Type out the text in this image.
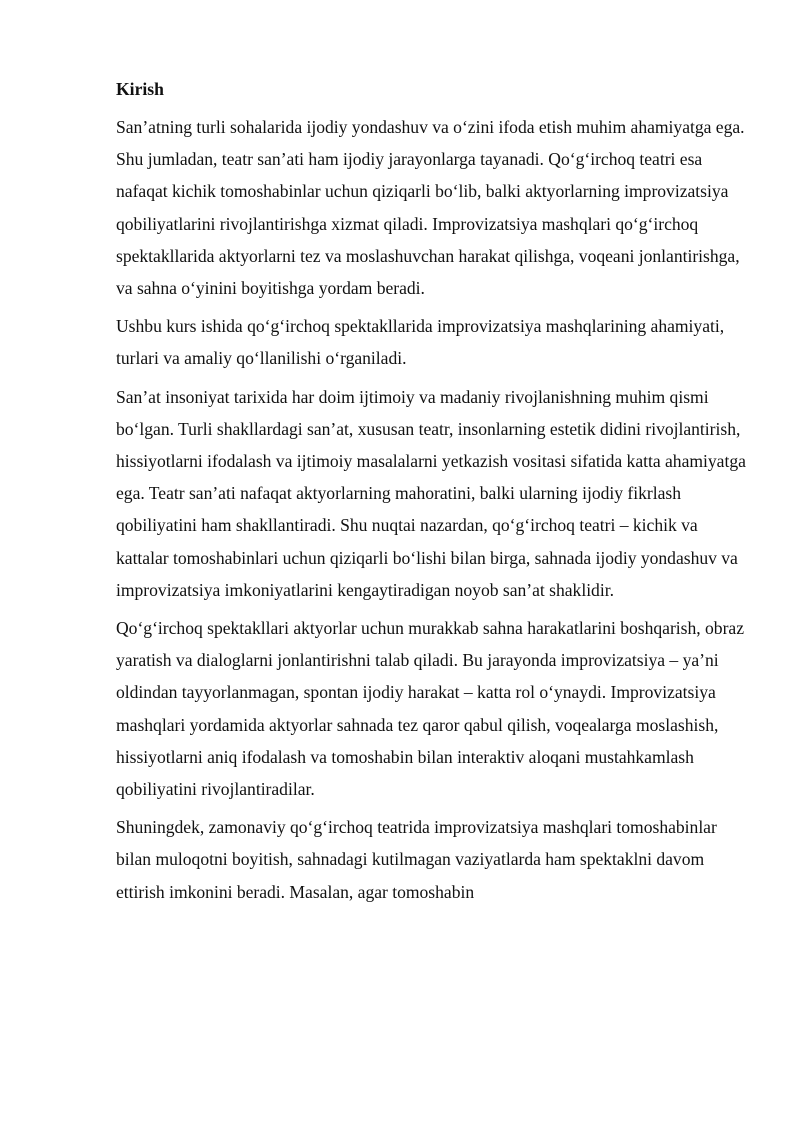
Kirish

San’atning turli sohalarida ijodiy yondashuv va o‘zini ifoda etish muhim ahamiyatga ega. Shu jumladan, teatr san’ati ham ijodiy jarayonlarga tayanadi. Qo‘g‘irchoq teatri esa nafaqat kichik tomoshabinlar uchun qiziqarli bo‘lib, balki aktyorlarning improvizatsiya qobiliyatlarini rivojlantirishga xizmat qiladi. Improvizatsiya mashqlari qo‘g‘irchoq spektakllarida aktyorlarni tez va moslashuvchan harakat qilishga, voqeani jonlantirishga, va sahna o‘yinini boyitishga yordam beradi.

Ushbu kurs ishida qo‘g‘irchoq spektakllarida improvizatsiya mashqlarining ahamiyati, turlari va amaliy qo‘llanilishi o‘rganiladi.

San’at insoniyat tarixida har doim ijtimoiy va madaniy rivojlanishning muhim qismi bo‘lgan. Turli shakllardagi san’at, xususan teatr, insonlarning estetik didini rivojlantirish, hissiyotlarni ifodalash va ijtimoiy masalalarni yetkazish vositasi sifatida katta ahamiyatga ega. Teatr san’ati nafaqat aktyorlarning mahoratini, balki ularning ijodiy fikrlash qobiliyatini ham shakllantiradi. Shu nuqtai nazardan, qo‘g‘irchoq teatri – kichik va kattalar tomoshabinlari uchun qiziqarli bo‘lishi bilan birga, sahnada ijodiy yondashuv va improvizatsiya imkoniyatlarini kengaytiradigan noyob san’at shaklidir.

Qo‘g‘irchoq spektakllari aktyorlar uchun murakkab sahna harakatlarini boshqarish, obraz yaratish va dialoglarni jonlantirishni talab qiladi. Bu jarayonda improvizatsiya – ya’ni oldindan tayyorlanmagan, spontan ijodiy harakat – katta rol o‘ynaydi. Improvizatsiya mashqlari yordamida aktyorlar sahnada tez qaror qabul qilish, voqealarga moslashish, hissiyotlarni aniq ifodalash va tomoshabin bilan interaktiv aloqani mustahkamlash qobiliyatini rivojlantiradilar.

Shuningdek, zamonaviy qo‘g‘irchoq teatrida improvizatsiya mashqlari tomoshabinlar bilan muloqotni boyitish, sahnadagi kutilmagan vaziyatlarda ham spektaklni davom ettirish imkonini beradi. Masalan, agar tomoshabin
